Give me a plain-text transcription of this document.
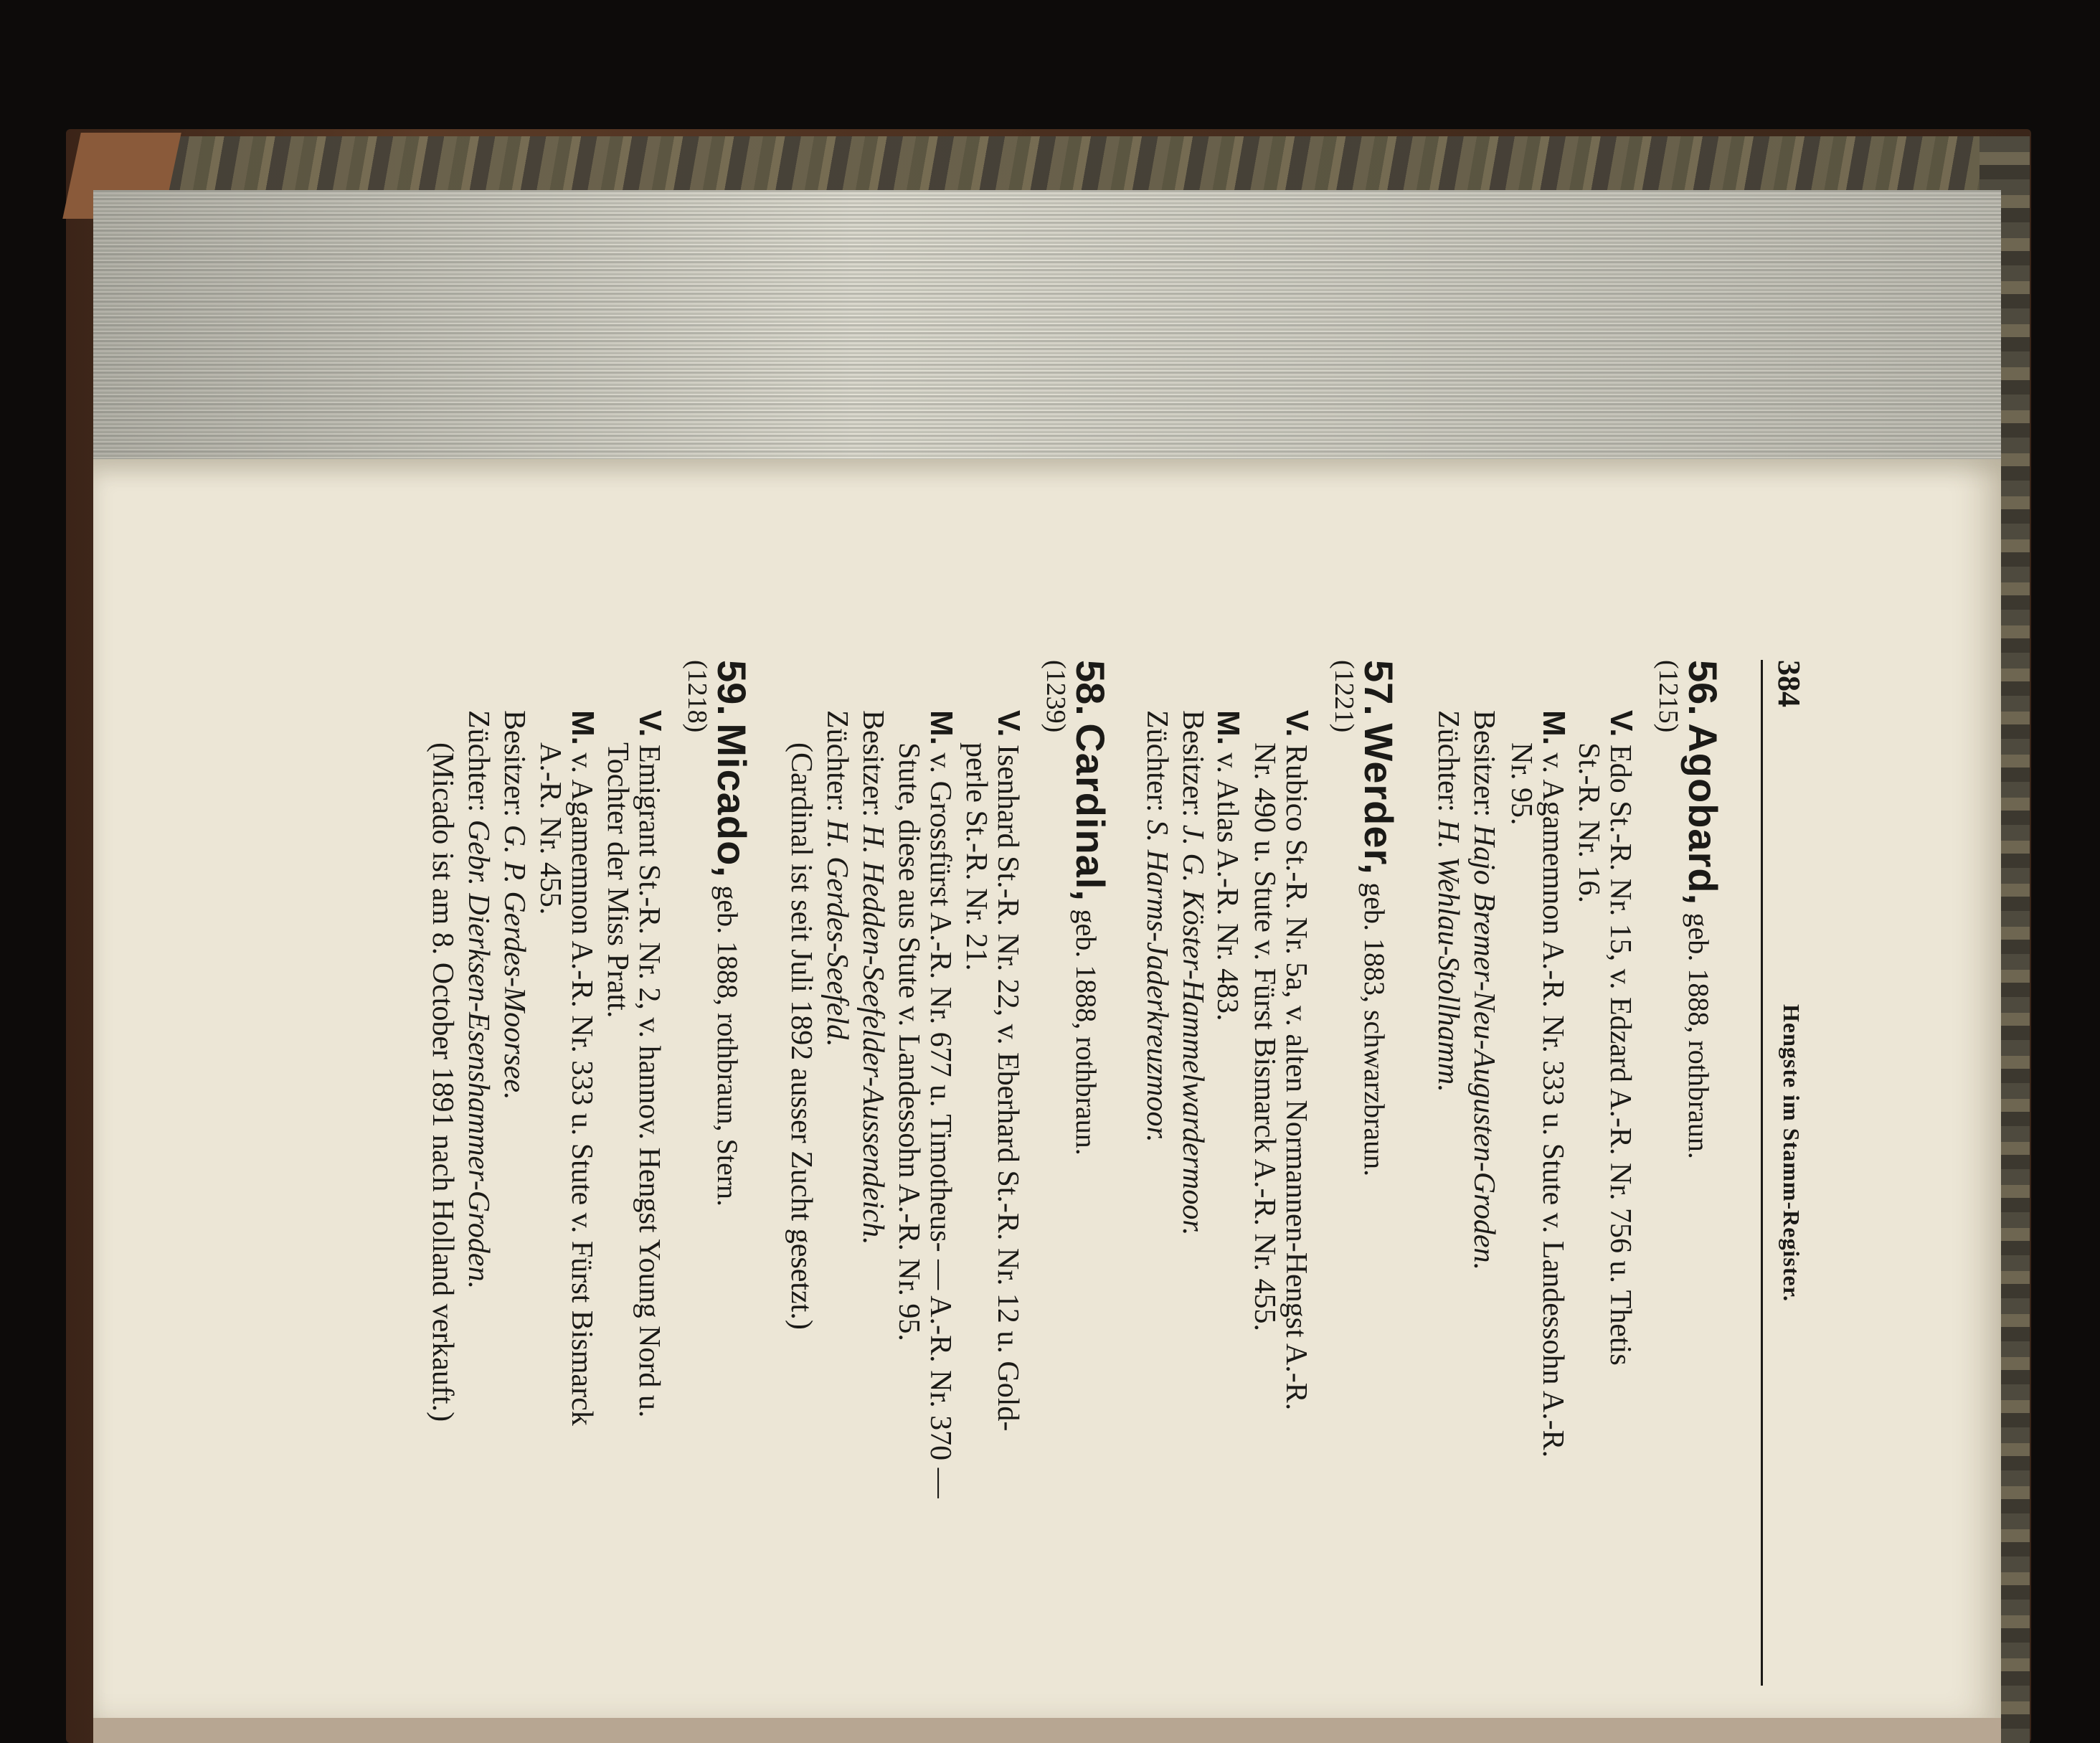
384
Hengste im Stamm-Register.
56. Agobard, geb. 1888, rothbraun.
(1215)
V. Edo St.-R. Nr. 15, v. Edzard A.-R. Nr. 756 u. Thetis
St.-R. Nr. 16.
M. v. Agamemnon A.-R. Nr. 333 u. Stute v. Landessohn A.-R.
Nr. 95.
Besitzer: Hajo Bremer-Neu-Augusten-Groden.
Züchter: H. Wehlau-Stollhamm.
57. Werder, geb. 1883, schwarzbraun.
(1221)
V. Rubico St.-R. Nr. 5a, v. alten Normannen-Hengst A.-R.
Nr. 490 u. Stute v. Fürst Bismarck A.-R. Nr. 455.
M. v. Atlas A.-R. Nr. 483.
Besitzer: J. G. Köster-Hammelwardermoor.
Züchter: S. Harms-Jaderkreuzmoor.
58. Cardinal, geb. 1888, rothbraun.
(1239)
V. Isenhard St.-R. Nr. 22, v. Eberhard St.-R. Nr. 12 u. Gold-
perle St.-R. Nr. 21.
M. v. Grossfürst A.-R. Nr. 677 u. Timotheus- — A.-R. Nr. 370 —
Stute, diese aus Stute v. Landessohn A.-R. Nr. 95.
Besitzer: H. Hedden-Seefelder-Aussendeich.
Züchter: H. Gerdes-Seefeld.
(Cardinal ist seit Juli 1892 ausser Zucht gesetzt.)
59. Micado, geb. 1888, rothbraun, Stern.
(1218)
V. Emigrant St.-R. Nr. 2, v. hannov. Hengst Young Nord u.
Tochter der Miss Pratt.
M. v. Agamemnon A.-R. Nr. 333 u. Stute v. Fürst Bismarck
A.-R. Nr. 455.
Besitzer: G. P. Gerdes-Moorsee.
Züchter: Gebr. Dierksen-Esenshammer-Groden.
(Micado ist am 8. October 1891 nach Holland verkauft.)
